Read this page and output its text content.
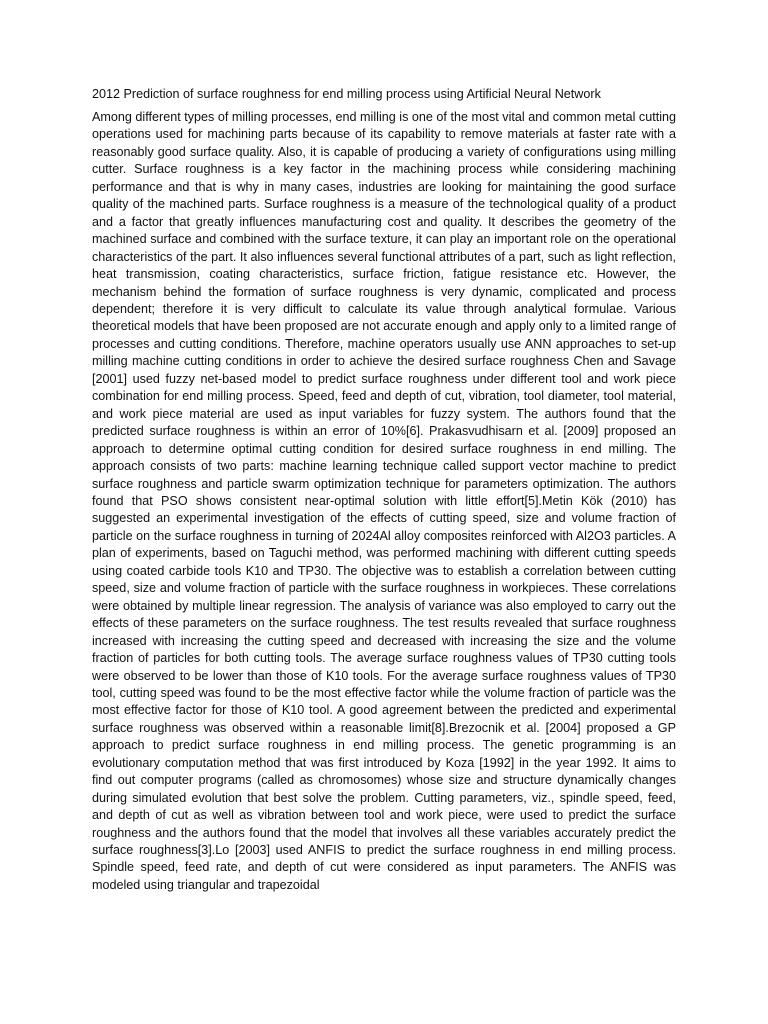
2012 Prediction of surface roughness for end milling process using Artificial Neural Network

Among different types of milling processes, end milling is one of the most vital and common metal cutting operations used for machining parts because of its capability to remove materials at faster rate with a reasonably good surface quality. Also, it is capable of producing a variety of configurations using milling cutter. Surface roughness is a key factor in the machining process while considering machining performance and that is why in many cases, industries are looking for maintaining the good surface quality of the machined parts. Surface roughness is a measure of the technological quality of a product and a factor that greatly influences manufacturing cost and quality. It describes the geometry of the machined surface and combined with the surface texture, it can play an important role on the operational characteristics of the part. It also influences several functional attributes of a part, such as light reflection, heat transmission, coating characteristics, surface friction, fatigue resistance etc. However, the mechanism behind the formation of surface roughness is very dynamic, complicated and process dependent; therefore it is very difficult to calculate its value through analytical formulae. Various theoretical models that have been proposed are not accurate enough and apply only to a limited range of processes and cutting conditions. Therefore, machine operators usually use ANN approaches to set-up milling machine cutting conditions in order to achieve the desired surface roughness Chen and Savage [2001] used fuzzy net-based model to predict surface roughness under different tool and work piece combination for end milling process. Speed, feed and depth of cut, vibration, tool diameter, tool material, and work piece material are used as input variables for fuzzy system. The authors found that the predicted surface roughness is within an error of 10%[6]. Prakasvudhisarn et al. [2009] proposed an approach to determine optimal cutting condition for desired surface roughness in end milling. The approach consists of two parts: machine learning technique called support vector machine to predict surface roughness and particle swarm optimization technique for parameters optimization. The authors found that PSO shows consistent near-optimal solution with little effort[5].Metin Kök (2010) has suggested an experimental investigation of the effects of cutting speed, size and volume fraction of particle on the surface roughness in turning of 2024Al alloy composites reinforced with Al2O3 particles. A plan of experiments, based on Taguchi method, was performed machining with different cutting speeds using coated carbide tools K10 and TP30. The objective was to establish a correlation between cutting speed, size and volume fraction of particle with the surface roughness in workpieces. These correlations were obtained by multiple linear regression. The analysis of variance was also employed to carry out the effects of these parameters on the surface roughness. The test results revealed that surface roughness increased with increasing the cutting speed and decreased with increasing the size and the volume fraction of particles for both cutting tools. The average surface roughness values of TP30 cutting tools were observed to be lower than those of K10 tools. For the average surface roughness values of TP30 tool, cutting speed was found to be the most effective factor while the volume fraction of particle was the most effective factor for those of K10 tool. A good agreement between the predicted and experimental surface roughness was observed within a reasonable limit[8].Brezocnik et al. [2004] proposed a GP approach to predict surface roughness in end milling process. The genetic programming is an evolutionary computation method that was first introduced by Koza [1992] in the year 1992. It aims to find out computer programs (called as chromosomes) whose size and structure dynamically changes during simulated evolution that best solve the problem. Cutting parameters, viz., spindle speed, feed, and depth of cut as well as vibration between tool and work piece, were used to predict the surface roughness and the authors found that the model that involves all these variables accurately predict the surface roughness[3].Lo [2003] used ANFIS to predict the surface roughness in end milling process. Spindle speed, feed rate, and depth of cut were considered as input parameters. The ANFIS was modeled using triangular and trapezoidal
